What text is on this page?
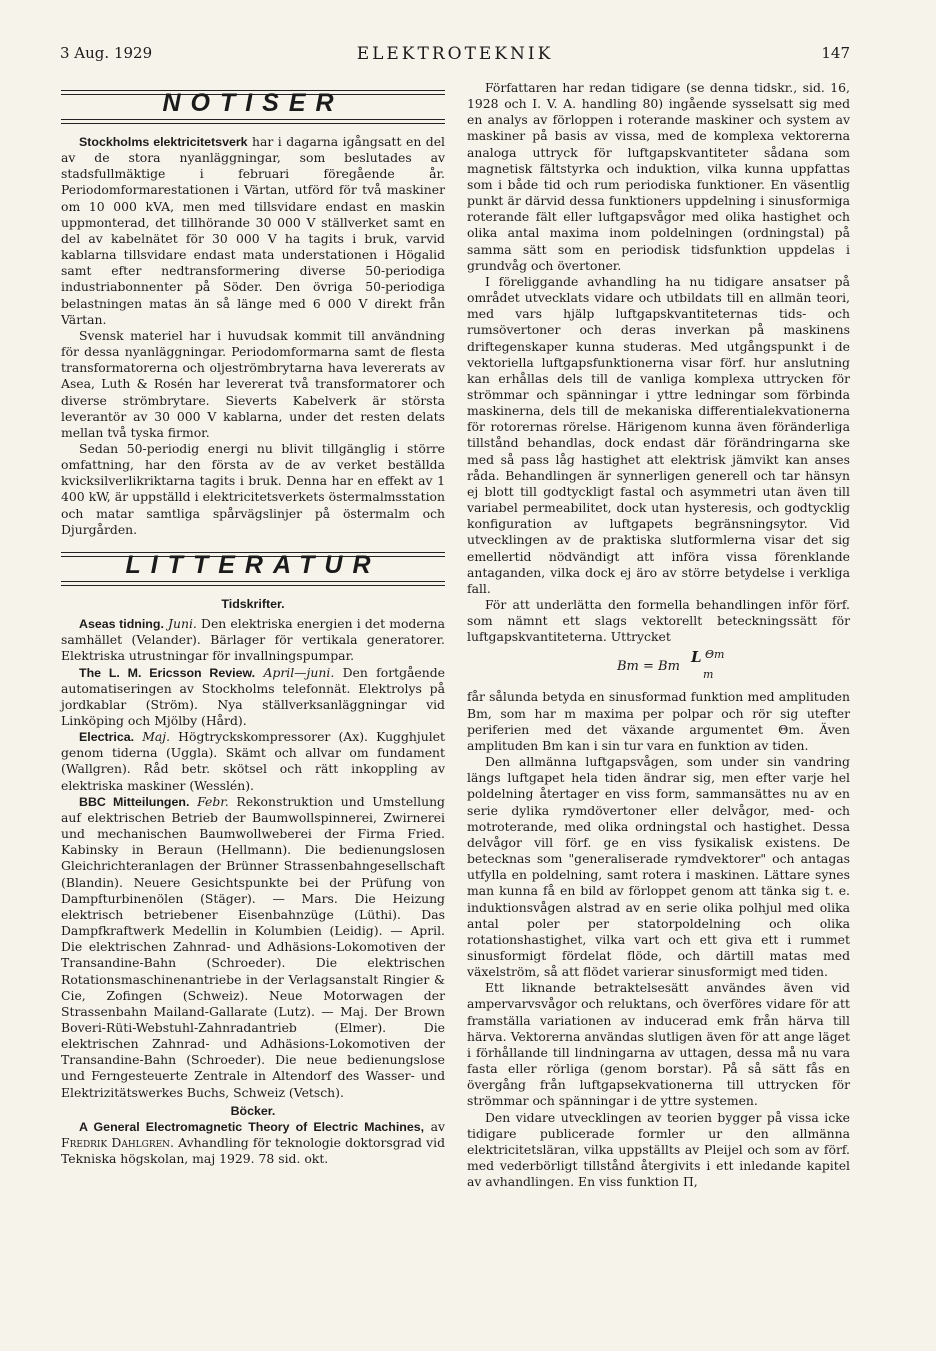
3 Aug. 1929	ELEKTROTEKNIK	147
NOTISER

Stockholms elektricitetsverk har i dagarna igångsatt en del av de stora nyanläggningar, som beslutades av stadsfullmäktige i februari föregående år. Periodomformarestationen i Värtan, utförd för två maskiner om 10 000 kVA, men med tillsvidare endast en maskin uppmonterad, det tillhörande 30 000 V ställverket samt en del av kabelnätet för 30 000 V ha tagits i bruk, varvid kablarna tillsvidare endast mata understationen i Högalid samt efter nedtransformering diverse 50-periodiga industriabonnenter på Söder. Den övriga 50-periodiga belastningen matas än så länge med 6 000 V direkt från Värtan.

Svensk materiel har i huvudsak kommit till användning för dessa nyanläggningar. Periodomformarna samt de flesta transformatorerna och oljeströmbrytarna hava levererats av Asea, Luth & Rosén har levererat två transformatorer och diverse strömbrytare. Sieverts Kabelverk är största leverantör av 30 000 V kablarna, under det resten delats mellan två tyska firmor.

Sedan 50-periodig energi nu blivit tillgänglig i större omfattning, har den första av de av verket beställda kvicksilverlikriktarna tagits i bruk. Denna har en effekt av 1 400 kW, är uppställd i elektricitetsverkets östermalmsstation och matar samtliga spårvägslinjer på östermalm och Djurgården.

LITTERATUR
Tidskrifter.

Aseas tidning. Juni. Den elektriska energien i det moderna samhället (Velander). Bärlager för vertikala generatorer. Elektriska utrustningar för invallningspumpar.

The L. M. Ericsson Review. April—juni. Den fortgående automatiseringen av Stockholms telefonnät. Elektrolys på jordkablar (Ström). Nya ställverksanläggningar vid Linköping och Mjölby (Hård).

Electrica. Maj. Högtryckskompressorer (Ax). Kugghjulet genom tiderna (Uggla). Skämt och allvar om fundament (Wallgren). Råd betr. skötsel och rätt inkoppling av elektriska maskiner (Wesslén).

BBC Mitteilungen. Febr. Rekonstruktion und Umstellung auf elektrischen Betrieb der Baumwollspinnerei, Zwirnerei und mechanischen Baumwollweberei der Firma Fried. Kabinsky in Beraun (Hellmann). Die bedienungslosen Gleichrichteranlagen der Brünner Strassenbahngesellschaft (Blandin). Neuere Gesichtspunkte bei der Prüfung von Dampfturbinenölen (Stäger). — Mars. Die Heizung elektrisch betriebener Eisenbahnzüge (Lüthi). Das Dampfkraftwerk Medellin in Kolumbien (Leidig). — April. Die elektrischen Zahnrad- und Adhäsions-Lokomotiven der Transandine-Bahn (Schroeder). Die elektrischen Rotationsmaschinenantriebe in der Verlagsanstalt Ringier & Cie, Zofingen (Schweiz). Neue Motorwagen der Strassenbahn Mailand-Gallarate (Lutz). — Maj. Der Brown Boveri-Rüti-Webstuhl-Zahnradantrieb (Elmer). Die elektrischen Zahnrad- und Adhäsions-Lokomotiven der Transandine-Bahn (Schroeder). Die neue bedienungslose und Ferngesteuerte Zentrale in Altendorf des Wasser- und Elektrizitätswerkes Buchs, Schweiz (Vetsch).

Böcker.

A General Electromagnetic Theory of Electric Machines, av Fredrik Dahlgren. Avhandling för teknologie doktorsgrad vid Tekniska högskolan, maj 1929. 78 sid. okt.

Författaren har redan tidigare (se denna tidskr., sid. 16, 1928 och I. V. A. handling 80) ingående sysselsatt sig med en analys av förloppen i roterande maskiner och system av maskiner på basis av vissa, med de komplexa vektorerna analoga uttryck för luftgapskvantiteter sådana som magnetisk fältstyrka och induktion, vilka kunna uppfattas som i både tid och rum periodiska funktioner. En väsentlig punkt är därvid dessa funktioners uppdelning i sinusformiga roterande fält eller luftgapsvågor med olika hastighet och olika antal maxima inom poldelningen (ordningstal) på samma sätt som en periodisk tidsfunktion uppdelas i grundvåg och övertoner.

I föreliggande avhandling ha nu tidigare ansatser på området utvecklats vidare och utbildats till en allmän teori, med vars hjälp luftgapskvantiteternas tids- och rumsövertoner och deras inverkan på maskinens driftegenskaper kunna studeras. Med utgångspunkt i de vektoriella luftgapsfunktionerna visar förf. hur anslutning kan erhållas dels till de vanliga komplexa uttrycken för strömmar och spänningar i yttre ledningar som förbinda maskinerna, dels till de mekaniska differentialekvationerna för rotorernas rörelse. Härigenom kunna även föränderliga tillstånd behandlas, dock endast där förändringarna ske med så pass låg hastighet att elektrisk jämvikt kan anses råda. Behandlingen är synnerligen generell och tar hänsyn ej blott till godtyckligt fastal och asymmetri utan även till variabel permeabilitet, dock utan hysteresis, och godtycklig konfiguration av luftgapets begränsningsytor. Vid utvecklingen av de praktiska slutformlerna visar det sig emellertid nödvändigt att införa vissa förenklande antaganden, vilka dock ej äro av större betydelse i verkliga fall.

För att underlätta den formella behandlingen inför förf. som nämnt ett slags vektorellt beteckningssätt för luftgapskvantiteterna. Uttrycket

Bm = Bm
L Θm
m

får sålunda betyda en sinusformad funktion med amplituden Bm, som har m maxima per polpar och rör sig utefter periferien med det växande argumentet Θm. Även amplituden Bm kan i sin tur vara en funktion av tiden.

Den allmänna luftgapsvågen, som under sin vandring längs luftgapet hela tiden ändrar sig, men efter varje hel poldelning återtager en viss form, sammansättes nu av en serie dylika rymdövertoner eller delvågor, med- och motroterande, med olika ordningstal och hastighet. Dessa delvågor vill förf. ge en viss fysikalisk existens. De betecknas som "generaliserade rymdvektorer" och antagas utfylla en poldelning, samt rotera i maskinen. Lättare synes man kunna få en bild av förloppet genom att tänka sig t. e. induktionsvågen alstrad av en serie olika polhjul med olika antal poler per statorpoldelning och olika rotationshastighet, vilka vart och ett giva ett i rummet sinusformigt fördelat flöde, och därtill matas med växelström, så att flödet varierar sinusformigt med tiden.

Ett liknande betraktelsesätt användes även vid ampervarvsvågor och reluktans, och överföres vidare för att framställa variationen av inducerad emk från härva till härva. Vektorerna användas slutligen även för att ange läget i förhållande till lindningarna av uttagen, dessa må nu vara fasta eller rörliga (genom borstar). På så sätt fås en övergång från luftgapsekvationerna till uttrycken för strömmar och spänningar i de yttre systemen.

Den vidare utvecklingen av teorien bygger på vissa icke tidigare publicerade formler ur den allmänna elektricitetsläran, vilka uppställts av Pleijel och som av förf. med vederbörligt tillstånd återgivits i ett inledande kapitel av avhandlingen. En viss funktion Π,
